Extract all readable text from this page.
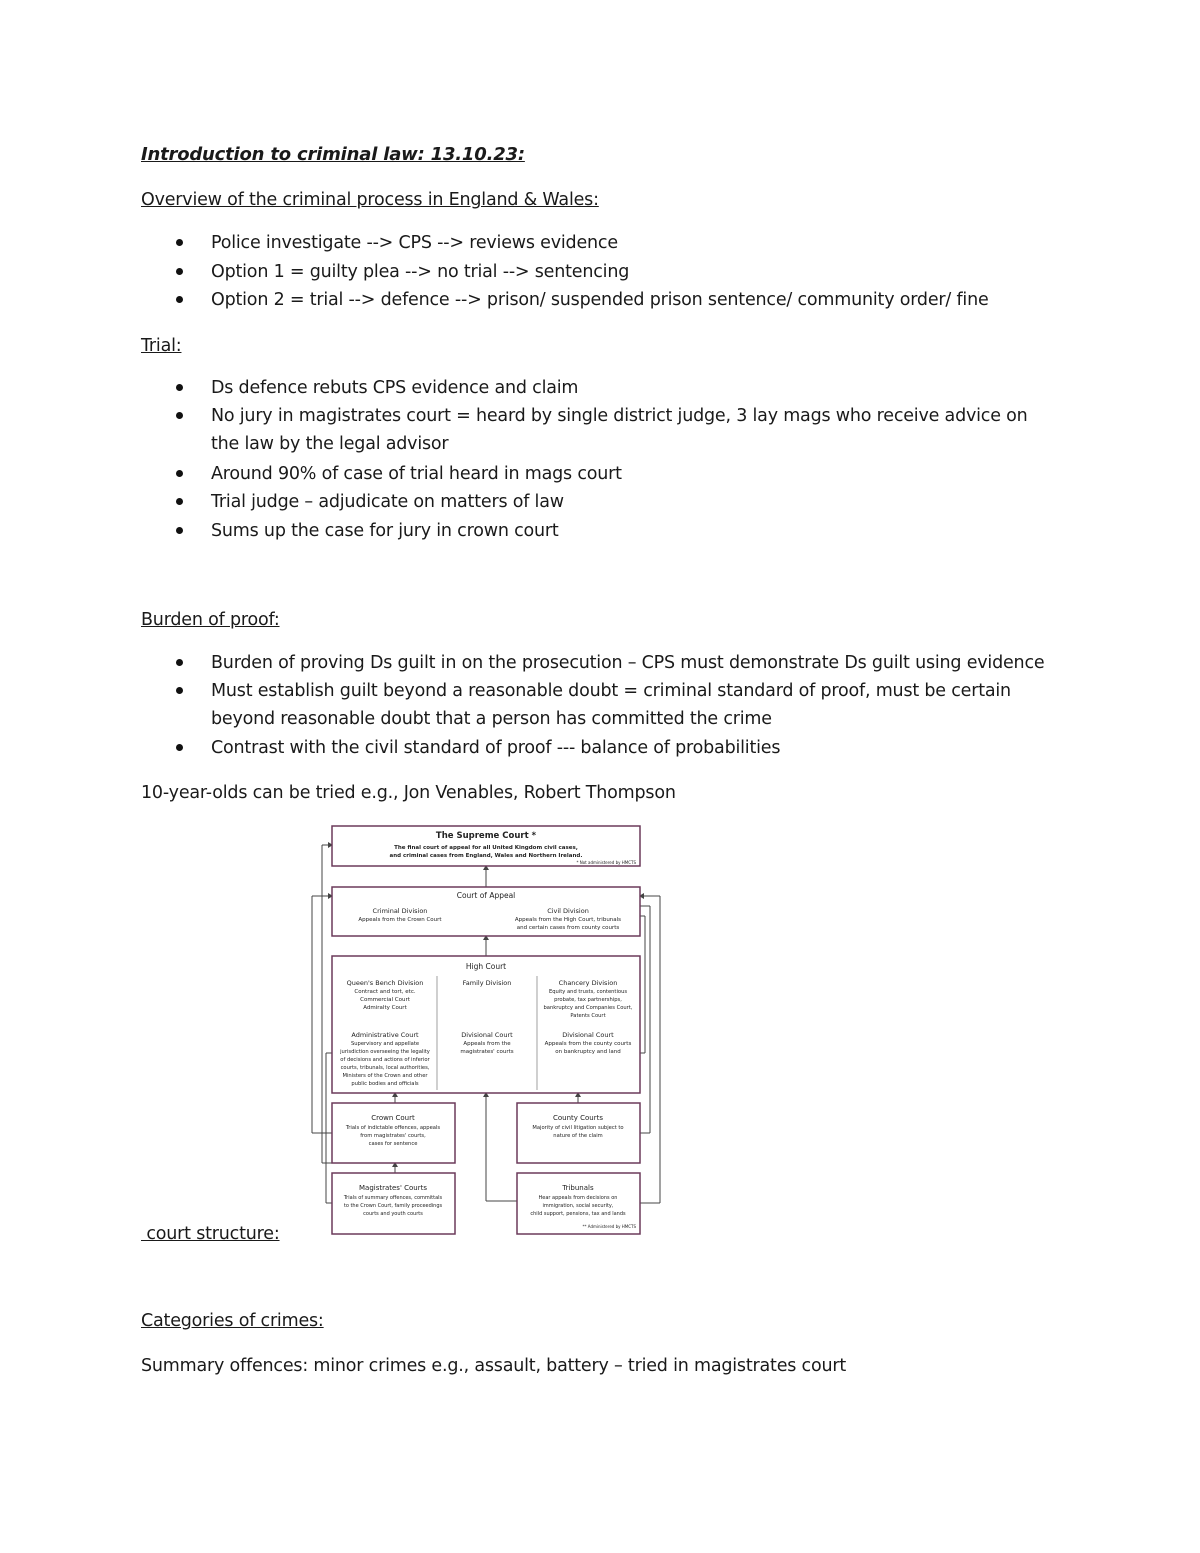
Introduction to criminal law: 13.10.23:
Overview of the criminal process in England & Wales:
Police investigate --> CPS --> reviews evidence
Option 1 = guilty plea --> no trial --> sentencing
Option 2 = trial --> defence --> prison/ suspended prison sentence/ community order/ fine
Trial:
Ds defence rebuts CPS evidence and claim
No jury in magistrates court = heard by single district judge, 3 lay mags who receive advice on
the law by the legal advisor
Around 90% of case of trial heard in mags court
Trial judge – adjudicate on matters of law
Sums up the case for jury in crown court
Burden of proof:
Burden of proving Ds guilt in on the prosecution – CPS must demonstrate Ds guilt using evidence
Must establish guilt beyond a reasonable doubt = criminal standard of proof, must be certain
beyond reasonable doubt that a person has committed the crime
Contrast with the civil standard of proof --- balance of probabilities
10-year-olds can be tried e.g., Jon Venables, Robert Thompson
The Supreme Court *
The final court of appeal for all United Kingdom civil cases,
and criminal cases from England, Wales and Northern Ireland.
* Not administered by HMCTS
Court of Appeal
Criminal Division
Appeals from the Crown Court
Civil Division
Appeals from the High Court, tribunals
and certain cases from county courts
High Court
Queen's Bench Division
Contract and tort, etc.
Commercial Court
Admiralty Court
Family Division	Chancery Division
Equity and trusts, contentious
probate, tax partnerships,
bankruptcy and Companies Court,
Patents Court
Administrative Court
Supervisory and appellate
jurisdiction overseeing the legality
of decisions and actions of inferior
courts, tribunals, local authorities,
Ministers of the Crown and other
public bodies and officials
Divisional Court
Appeals from the
magistrates' courts
Divisional Court
Appeals from the county courts
on bankruptcy and land
Crown Court
Trials of indictable offences, appeals
from magistrates' courts,
cases for sentence
County Courts
Majority of civil litigation subject to
nature of the claim
Magistrates' Courts
Trials of summary offences, committals
to the Crown Court, family proceedings
courts and youth courts
Tribunals
Hear appeals from decisions on
immigration, social security,
child support, pensions, tax and lands
** Administered by HMCTS
court structure:
Categories of crimes:
Summary offences: minor crimes e.g., assault, battery – tried in magistrates court
